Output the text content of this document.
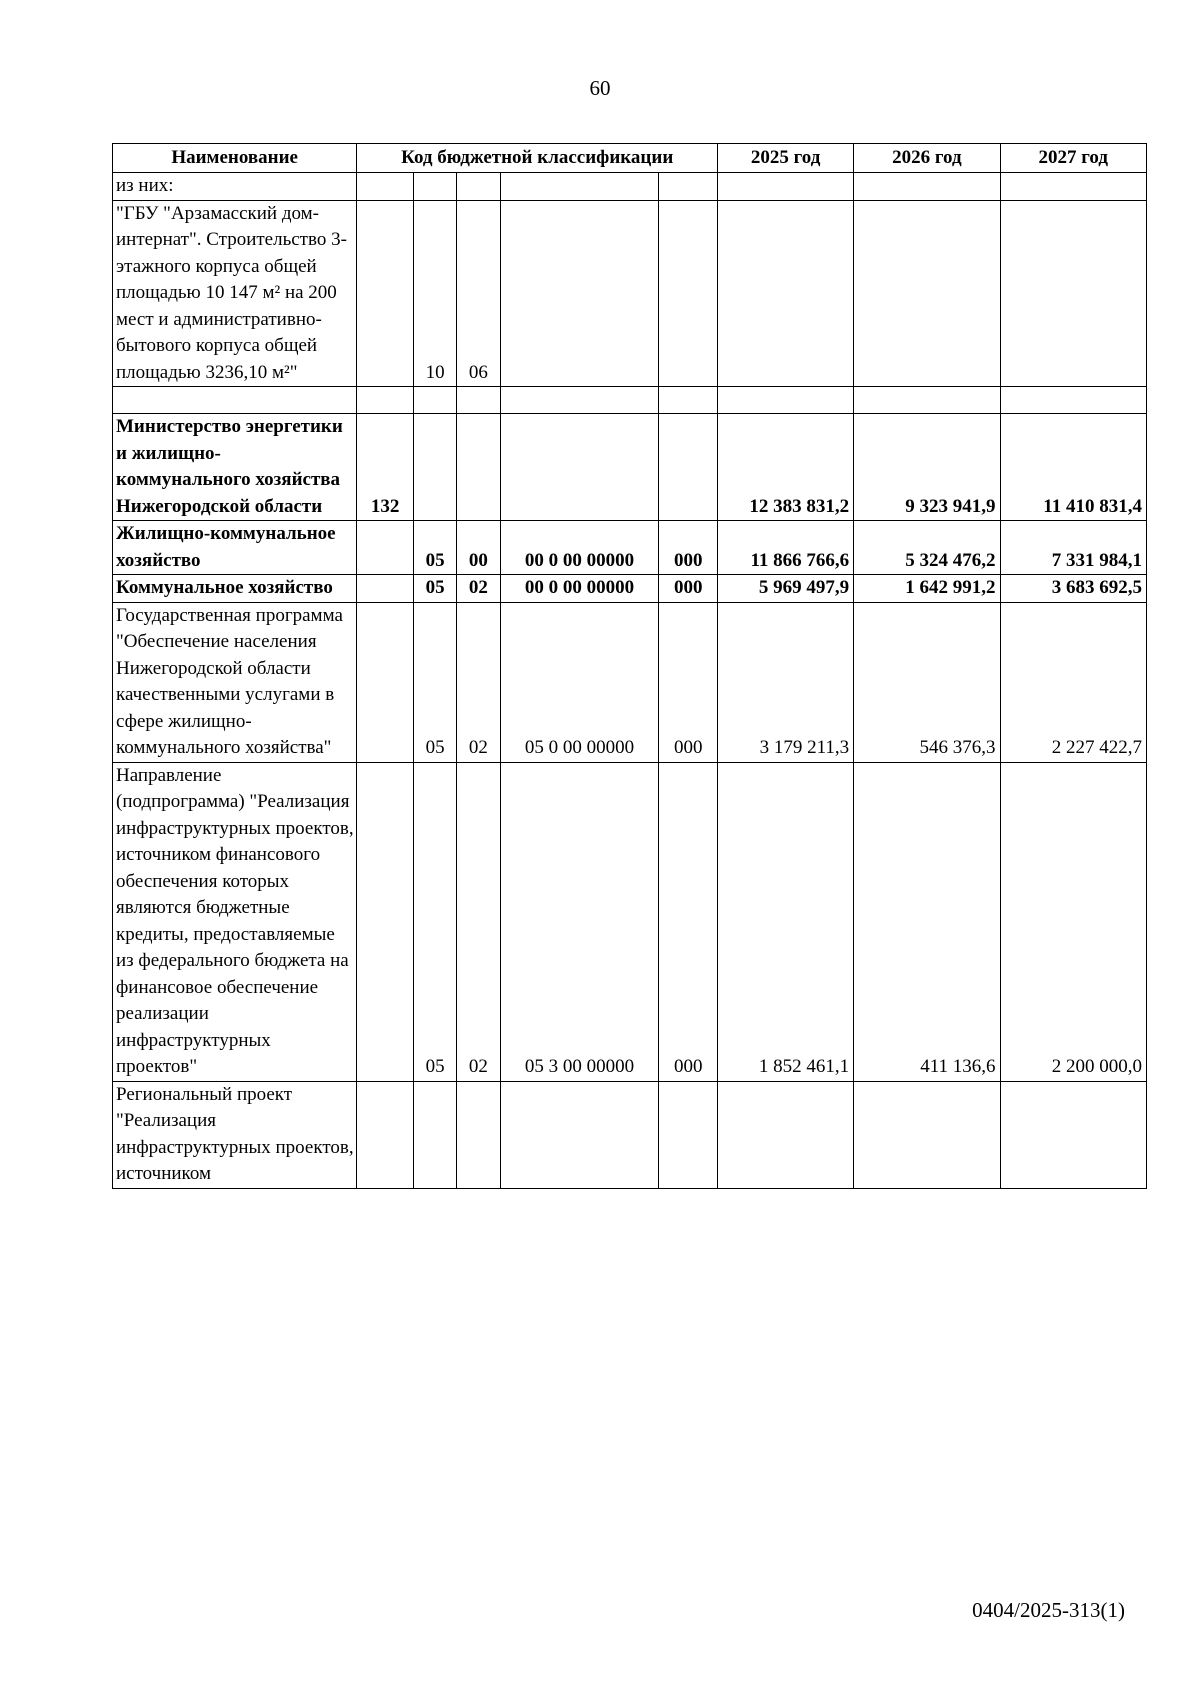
60
Наименование	Код бюджетной классификации					2025 год	2026 год	2027 год
из них:								
"ГБУ "Арзамасский дом-интернат". Строительство 3-этажного корпуса общей площадью 10 147 м² на 200 мест и административно-бытового корпуса общей площадью 3236,10 м²"		10	06					

Министерство энергетики и жилищно-коммунального хозяйства Нижегородской области	132					12 383 831,2	9 323 941,9	11 410 831,4
Жилищно-коммунальное хозяйство		05	00	00 0 00 00000	000	11 866 766,6	5 324 476,2	7 331 984,1
Коммунальное хозяйство		05	02	00 0 00 00000	000	5 969 497,9	1 642 991,2	3 683 692,5
Государственная программа "Обеспечение населения Нижегородской области качественными услугами в сфере жилищно-коммунального хозяйства"		05	02	05 0 00 00000	000	3 179 211,3	546 376,3	2 227 422,7
Направление (подпрограмма) "Реализация инфраструктурных проектов, источником финансового обеспечения которых являются бюджетные кредиты, предоставляемые из федерального бюджета на финансовое обеспечение реализации инфраструктурных проектов"		05	02	05 3 00 00000	000	1 852 461,1	411 136,6	2 200 000,0
Региональный проект "Реализация инфраструктурных проектов, источником								
0404/2025-313(1)
